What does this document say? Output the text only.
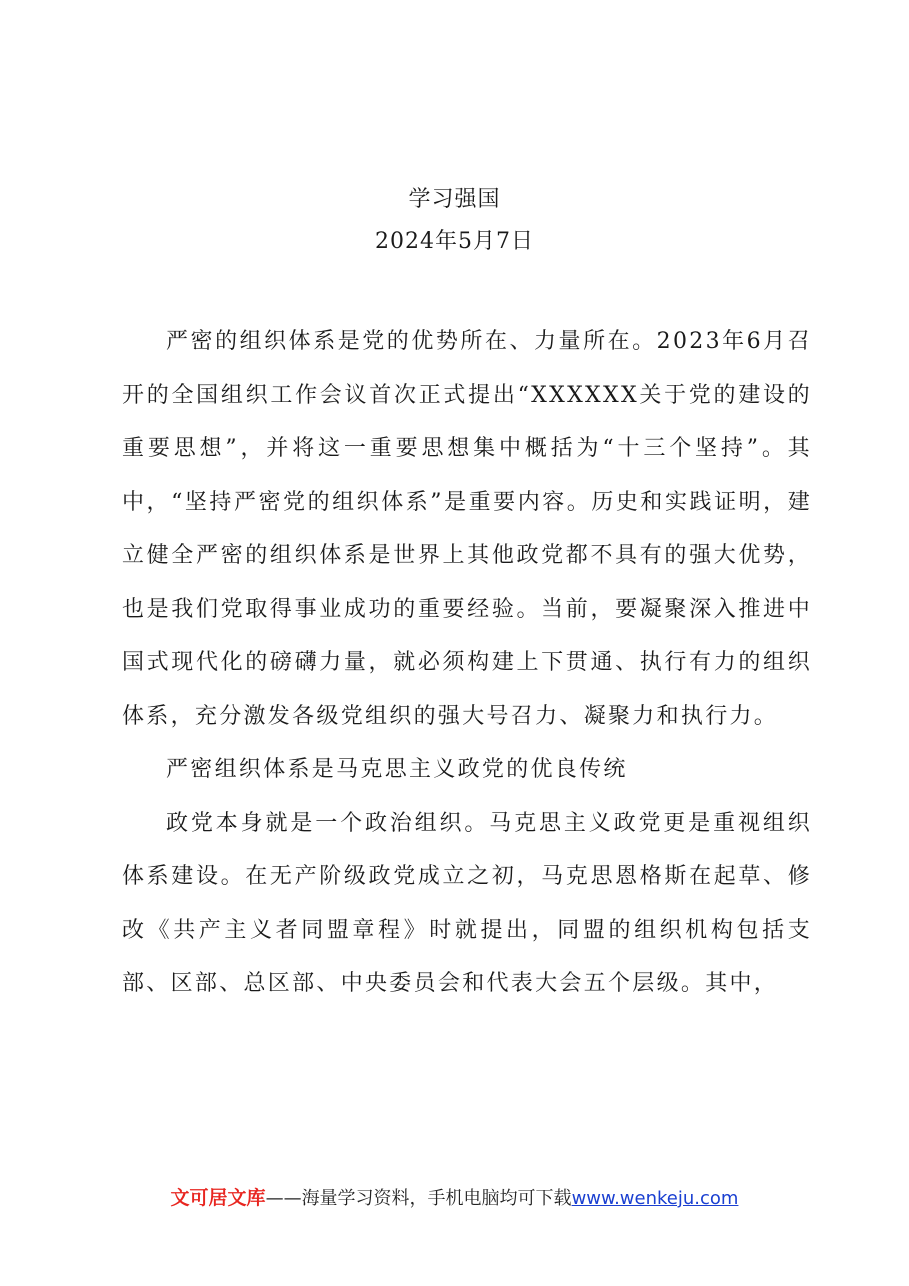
学习强国
2024年5月7日

严密的组织体系是党的优势所在、力量所在。2023年6月召开的全国组织工作会议首次正式提出“XXXXXX关于党的建设的重要思想”，并将这一重要思想集中概括为“十三个坚持”。其中，“坚持严密党的组织体系”是重要内容。历史和实践证明，建立健全严密的组织体系是世界上其他政党都不具有的强大优势，也是我们党取得事业成功的重要经验。当前，要凝聚深入推进中国式现代化的磅礴力量，就必须构建上下贯通、执行有力的组织体系，充分激发各级党组织的强大号召力、凝聚力和执行力。

严密组织体系是马克思主义政党的优良传统

政党本身就是一个政治组织。马克思主义政党更是重视组织体系建设。在无产阶级政党成立之初，马克思恩格斯在起草、修改《共产主义者同盟章程》时就提出，同盟的组织机构包括支部、区部、总区部、中央委员会和代表大会五个层级。其中，

文可居文库——海量学习资料，手机电脑均可下载www.wenkeju.com
